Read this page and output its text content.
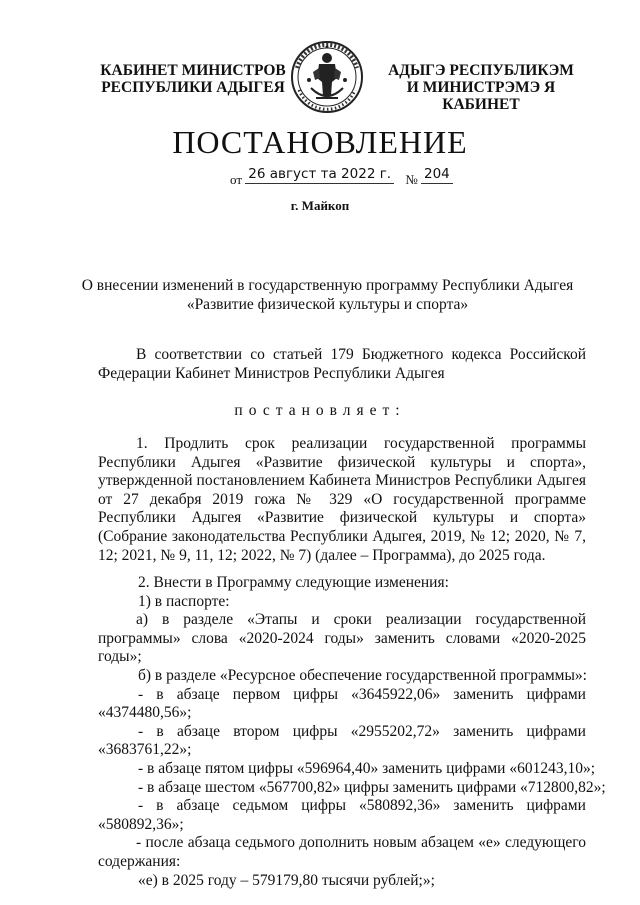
КАБИНЕТ МИНИСТРОВ
РЕСПУБЛИКИ АДЫГЕЯ
АДЫГЭ РЕСПУБЛИКЭМ
И МИНИСТРЭМЭ Я КАБИНЕТ
ПОСТАНОВЛЕНИЕ
от 26 август та 2022 г. № 204
г. Майкоп
О внесении изменений в государственную программу Республики Адыгея
«Развитие физической культуры и спорта»
В соответствии со статьей 179 Бюджетного кодекса Российской Федерации Кабинет Министров Республики Адыгея
постановляет:
1. Продлить срок реализации государственной программы Республики Адыгея «Развитие физической культуры и спорта», утвержденной постановлением Кабинета Министров Республики Адыгея от 27 декабря 2019 гожа № 329 «О государственной программе Республики Адыгея «Развитие физической культуры и спорта» (Собрание законодательства Республики Адыгея, 2019, № 12; 2020, № 7, 12; 2021, № 9, 11, 12; 2022, № 7) (далее – Программа), до 2025 года.
2. Внести в Программу следующие изменения:
1) в паспорте:
а) в разделе «Этапы и сроки реализации государственной программы» слова «2020-2024 годы» заменить словами «2020-2025 годы»;
б) в разделе «Ресурсное обеспечение государственной программы»:
- в абзаце первом цифры «3645922,06» заменить цифрами
«4374480,56»;
- в абзаце втором цифры «2955202,72» заменить цифрами
«3683761,22»;
- в абзаце пятом цифры «596964,40» заменить цифрами «601243,10»;
- в абзаце шестом «567700,82» цифры заменить цифрами «712800,82»;
- в абзаце седьмом цифры «580892,36» заменить цифрами
«580892,36»;
- после абзаца седьмого дополнить новым абзацем «е» следующего содержания:
«е) в 2025 году – 579179,80 тысячи рублей;»;
